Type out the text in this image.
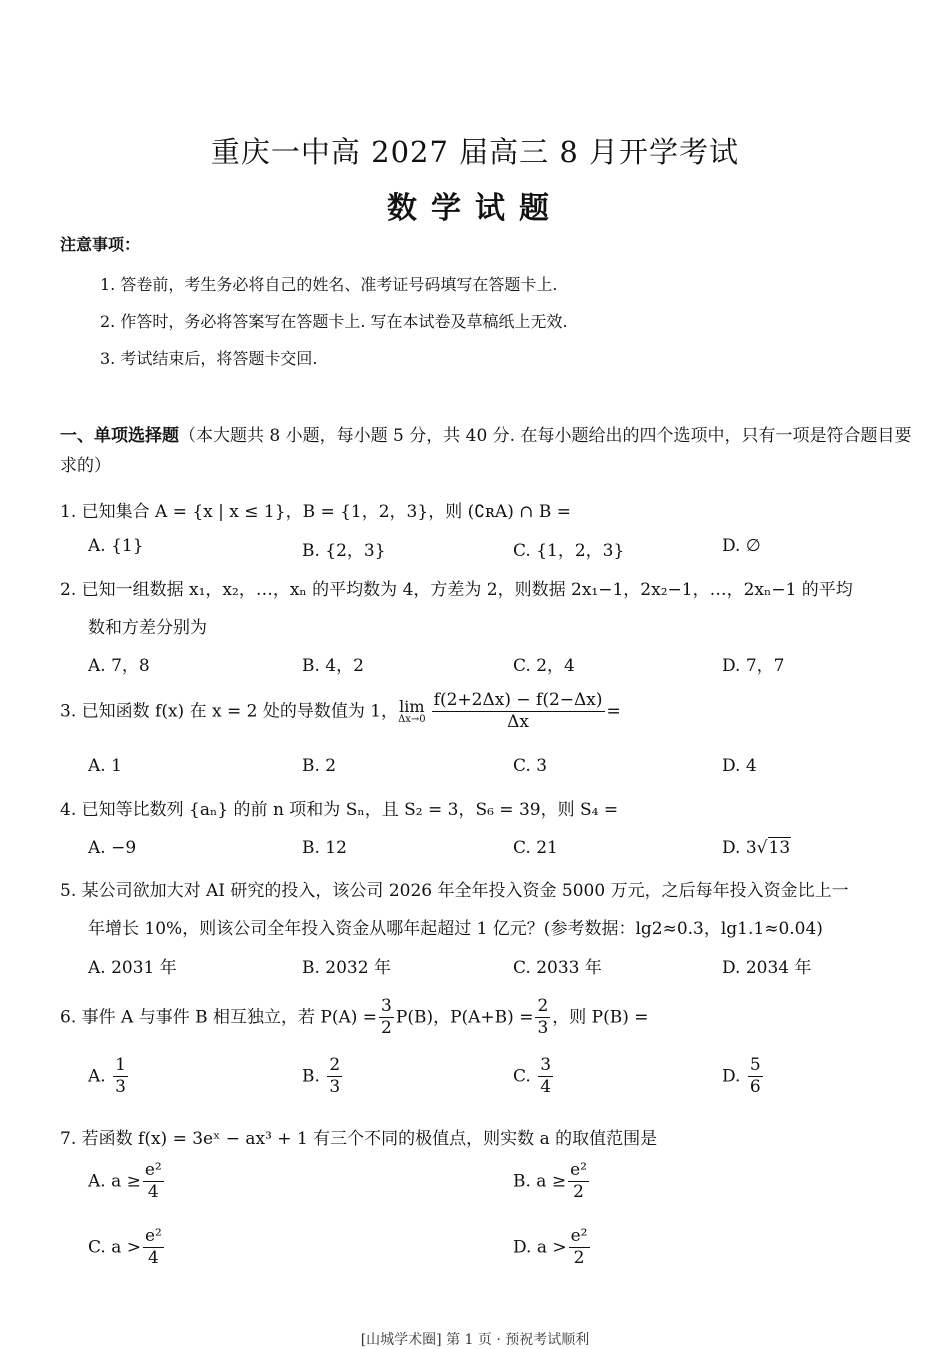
重庆一中高 2027 届高三 8 月开学考试
数学试题
注意事项：
1. 答卷前，考生务必将自己的姓名、准考证号码填写在答题卡上.
2. 作答时，务必将答案写在答题卡上. 写在本试卷及草稿纸上无效.
3. 考试结束后，将答题卡交回.
一、单项选择题（本大题共 8 小题，每小题 5 分，共 40 分. 在每小题给出的四个选项中，只有一项是符合题目要求的）
1. 已知集合 A = {x | x ≤ 1}，B = {1，2，3}，则 (∁ʀA) ∩ B =
A. {1}	B. {2，3}	C. {1，2，3}	D. ∅
2. 已知一组数据 x₁，x₂，…，xₙ 的平均数为 4，方差为 2，则数据 2x₁−1，2x₂−1，…，2xₙ−1 的平均
数和方差分别为
A. 7，8	B. 4，2	C. 2，4	D. 7，7
3. 已知函数 f(x) 在 x = 2 处的导数值为 1， lim
$\Delta x\to 0 \frac{f(2+2\Delta x) - f(2-\Delta x)}{\Delta x}$ =
A. 1	B. 2	C. 3	D. 4
4. 已知等比数列 {aₙ} 的前 n 项和为 Sₙ，且 S₂ = 3，S₆ = 39，则 S₄ =
A. −9	B. 12	C. 21	D. 3√13
5. 某公司欲加大对 AI 研究的投入，该公司 2026 年全年投入资金 5000 万元，之后每年投入资金比上一
年增长 10%，则该公司全年投入资金从哪年起超过 1 亿元？(参考数据：lg2≈0.3，lg1.1≈0.04)
A. 2031 年	B. 2032 年	C. 2033 年	D. 2034 年
6. 事件 A 与事件 B 相互独立，若 $P(A) = \frac{3}{2} P(B)$，$P(A+B) = \frac{2}{3}$ ，则 P(B) =
A. $\frac{1}{3}$	B. $\frac{2}{3}$	C. $\frac{3}{4}$	D. $\frac{5}{6}$
7. 若函数 f(x) = 3eˣ − ax³ + 1 有三个不同的极值点，则实数 a 的取值范围是
A. $a \ge \frac{\text{e²}}{4}$	B. $a \ge \frac{\text{e²}}{2}$
C. $a > \frac{\text{e²}}{4}$	D. $a > \frac{\text{e²}}{2}$
[山城学术圈] 第 1 页 · 预祝考试顺利
